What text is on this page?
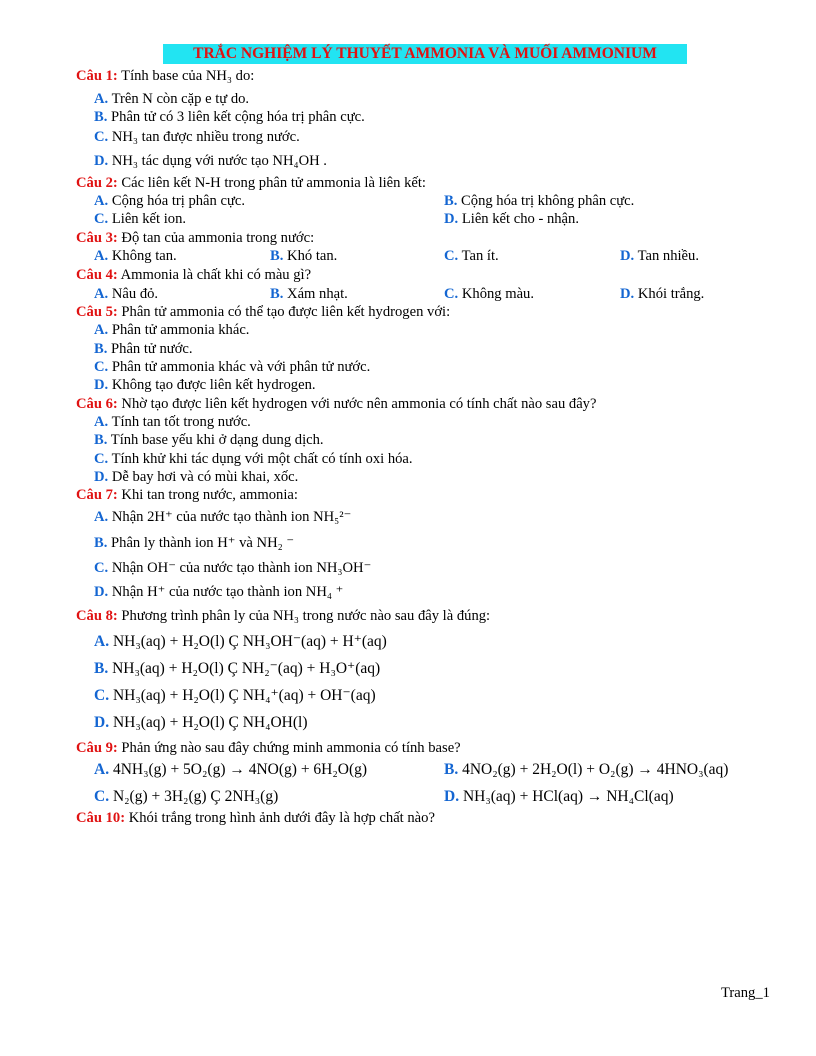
TRẮC NGHIỆM LÝ THUYẾT AMMONIA VÀ MUỐI AMMONIUM
Câu 1: Tính base của NH₃ do:
A. Trên N còn cặp e tự do.
B. Phân tử có 3 liên kết cộng hóa trị phân cực.
C. NH₃ tan được nhiều trong nước.
D. NH₃ tác dụng với nước tạo NH₄OH .
Câu 2: Các liên kết N-H trong phân tử ammonia là liên kết:
A. Cộng hóa trị phân cực.	B. Cộng hóa trị không phân cực.
C. Liên kết ion.	D. Liên kết cho - nhận.
Câu 3: Độ tan của ammonia trong nước:
A. Không tan.	B. Khó tan.	C. Tan ít.	D. Tan nhiều.
Câu 4: Ammonia là chất khi có màu gì?
A. Nâu đỏ.	B. Xám nhạt.	C. Không màu.	D. Khói trắng.
Câu 5: Phân tử ammonia có thể tạo được liên kết hydrogen với:
A. Phân tử ammonia khác.
B. Phân tử nước.
C. Phân tử ammonia khác và với phân tử nước.
D. Không tạo được liên kết hydrogen.
Câu 6: Nhờ tạo được liên kết hydrogen với nước nên ammonia có tính chất nào sau đây?
A. Tính tan tốt trong nước.
B. Tính base yếu khi ở dạng dung dịch.
C. Tính khử khi tác dụng với một chất có tính oxi hóa.
D. Dễ bay hơi và có mùi khai, xốc.
Câu 7: Khi tan trong nước, ammonia:
A. Nhận 2H⁺ của nước tạo thành ion NH₅²⁻
B. Phân ly thành ion H⁺ và NH₂ ⁻
C. Nhận OH⁻ của nước tạo thành ion NH₃OH⁻
D. Nhận H⁺ của nước tạo thành ion NH₄ ⁺
Câu 8: Phương trình phân ly của NH₃ trong nước nào sau đây là đúng:
A. NH₃(aq) + H₂O(l) Ç NH₃OH⁻(aq) + H⁺(aq)
B. NH₃(aq) + H₂O(l) Ç NH₂⁻(aq) + H₃O⁺(aq)
C. NH₃(aq) + H₂O(l) Ç NH₄⁺(aq) + OH⁻(aq)
D. NH₃(aq) + H₂O(l) Ç NH₄OH(l)
Câu 9: Phản ứng nào sau đây chứng minh ammonia có tính base?
A. 4NH₃(g) + 5O₂(g) → 4NO(g) + 6H₂O(g)	B. 4NO₂(g) + 2H₂O(l) + O₂(g) → 4HNO₃(aq)
C. N₂(g) + 3H₂(g) Ç 2NH₃(g)	D. NH₃(aq) + HCl(aq) → NH₄Cl(aq)
Câu 10: Khói trắng trong hình ảnh dưới đây là hợp chất nào?
Trang_1
